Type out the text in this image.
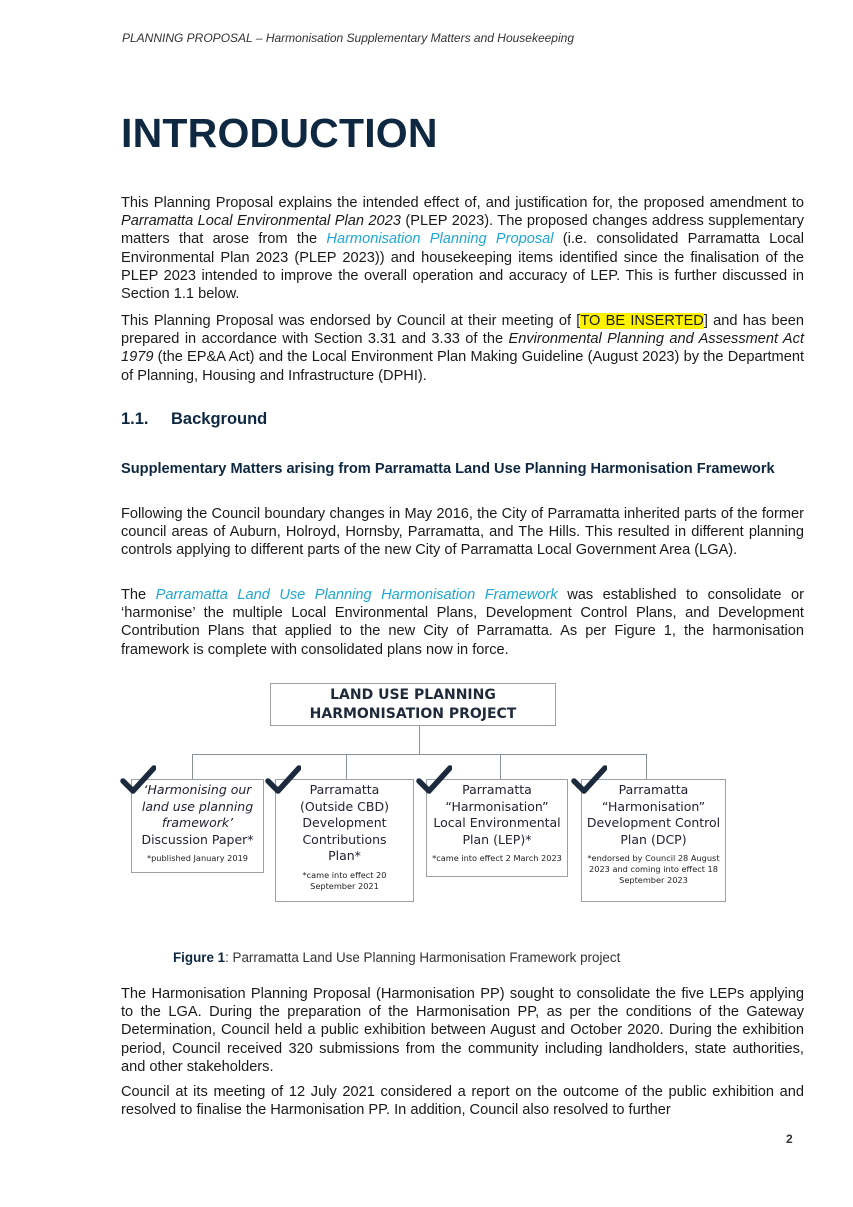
PLANNING PROPOSAL – Harmonisation Supplementary Matters and Housekeeping
INTRODUCTION

This Planning Proposal explains the intended effect of, and justification for, the proposed amendment to Parramatta Local Environmental Plan 2023 (PLEP 2023). The proposed changes address supplementary matters that arose from the Harmonisation Planning Proposal (i.e. consolidated Parramatta Local Environmental Plan 2023 (PLEP 2023)) and housekeeping items identified since the finalisation of the PLEP 2023 intended to improve the overall operation and accuracy of LEP. This is further discussed in Section 1.1 below.

This Planning Proposal was endorsed by Council at their meeting of [TO BE INSERTED] and has been prepared in accordance with Section 3.31 and 3.33 of the Environmental Planning and Assessment Act 1979 (the EP&A Act) and the Local Environment Plan Making Guideline (August 2023) by the Department of Planning, Housing and Infrastructure (DPHI).

1.1. Background
Supplementary Matters arising from Parramatta Land Use Planning Harmonisation Framework

Following the Council boundary changes in May 2016, the City of Parramatta inherited parts of the former council areas of Auburn, Holroyd, Hornsby, Parramatta, and The Hills. This resulted in different planning controls applying to different parts of the new City of Parramatta Local Government Area (LGA).

The Parramatta Land Use Planning Harmonisation Framework was established to consolidate or ‘harmonise’ the multiple Local Environmental Plans, Development Control Plans, and Development Contribution Plans that applied to the new City of Parramatta. As per Figure 1, the harmonisation framework is complete with consolidated plans now in force.

LAND USE PLANNING
HARMONISATION PROJECT
‘Harmonising our
land use planning
framework’
Discussion Paper*
*published January 2019
Parramatta
(Outside CBD)
Development
Contributions
Plan*
*came into effect 20 September 2021
Parramatta
“Harmonisation”
Local Environmental
Plan (LEP)*
*came into effect 2 March 2023
Parramatta
“Harmonisation”
Development Control
Plan (DCP)
*endorsed by Council 28 August 2023 and coming into effect 18 September 2023

Figure 1: Parramatta Land Use Planning Harmonisation Framework project

The Harmonisation Planning Proposal (Harmonisation PP) sought to consolidate the five LEPs applying to the LGA. During the preparation of the Harmonisation PP, as per the conditions of the Gateway Determination, Council held a public exhibition between August and October 2020. During the exhibition period, Council received 320 submissions from the community including landholders, state authorities, and other stakeholders.

Council at its meeting of 12 July 2021 considered a report on the outcome of the public exhibition and resolved to finalise the Harmonisation PP. In addition, Council also resolved to further

2
